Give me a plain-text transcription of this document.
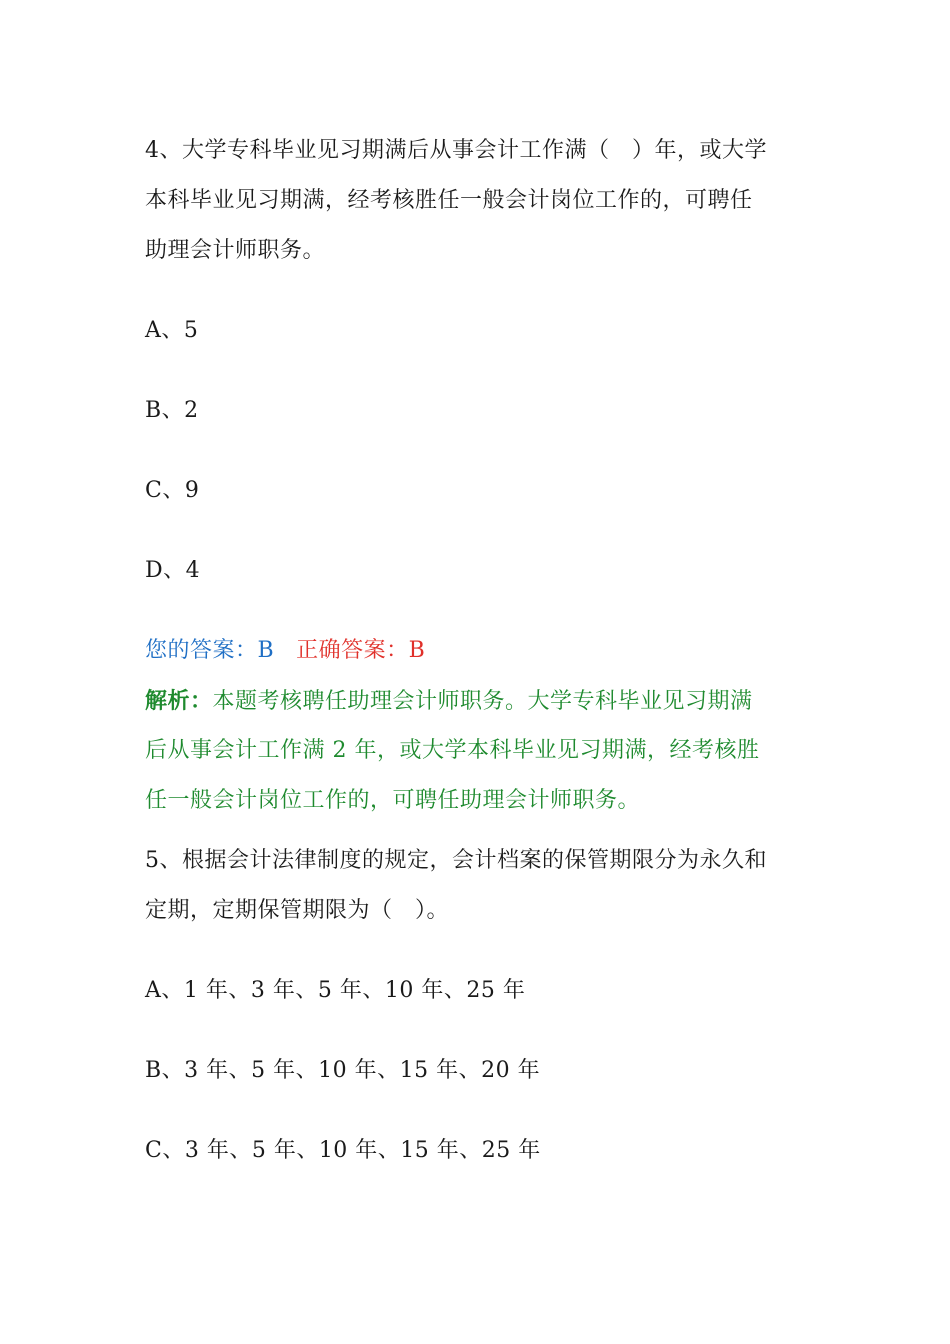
4、大学专科毕业见习期满后从事会计工作满（　）年，或大学
本科毕业见习期满，经考核胜任一般会计岗位工作的，可聘任
助理会计师职务。
A、5
B、2
C、9
D、4
您的答案：B 正确答案：B
解析：本题考核聘任助理会计师职务。大学专科毕业见习期满
后从事会计工作满 2 年，或大学本科毕业见习期满，经考核胜
任一般会计岗位工作的，可聘任助理会计师职务。
5、根据会计法律制度的规定，会计档案的保管期限分为永久和
定期，定期保管期限为（　）。
A、1 年、3 年、5 年、10 年、25 年
B、3 年、5 年、10 年、15 年、20 年
C、3 年、5 年、10 年、15 年、25 年
